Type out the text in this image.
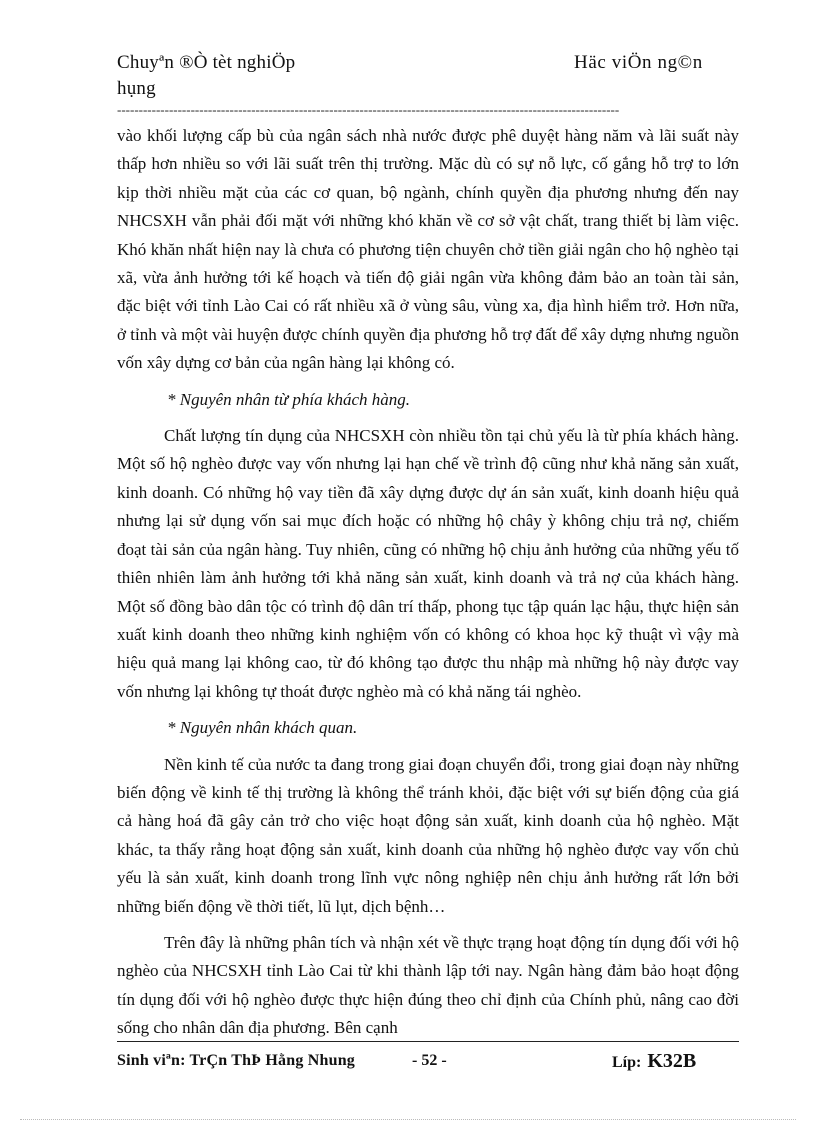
Chuyªn ®Ò tèt nghiÖp
hụng
Häc viÖn ng©n
--------------------------------------------------------------------------------------------------------------------

vào khối lượng cấp bù của ngân sách nhà nước được phê duyệt hàng năm và lãi suất này thấp hơn nhiều so với lãi suất trên thị trường. Mặc dù có sự nỗ lực, cố gắng hỗ trợ to lớn kịp thời nhiều mặt của các cơ quan, bộ ngành, chính quyền địa phương nhưng đến nay NHCSXH vẫn phải đối mặt với những khó khăn về cơ sở vật chất, trang thiết bị làm việc. Khó khăn nhất hiện nay là chưa có phương tiện chuyên chở tiền giải ngân cho hộ nghèo tại xã, vừa ảnh hưởng tới kế hoạch và tiến độ giải ngân vừa không đảm bảo an toàn tài sản, đặc biệt với tỉnh Lào Cai có rất nhiều xã ở vùng sâu, vùng xa, địa hình hiểm trở. Hơn nữa, ở tỉnh và một vài huyện được chính quyền địa phương hỗ trợ đất để xây dựng nhưng nguồn vốn xây dựng cơ bản của ngân hàng lại không có.

* Nguyên nhân từ phía khách hàng.

Chất lượng tín dụng của NHCSXH còn nhiều tồn tại chủ yếu là từ phía khách hàng. Một số hộ nghèo được vay vốn nhưng lại hạn chế về trình độ cũng như khả năng sản xuất, kinh doanh. Có những hộ vay tiền đã xây dựng được dự án sản xuất, kinh doanh hiệu quả nhưng lại sử dụng vốn sai mục đích hoặc có những hộ chây ỳ không chịu trả nợ, chiếm đoạt tài sản của ngân hàng. Tuy nhiên, cũng có những hộ chịu ảnh hưởng của những yếu tố thiên nhiên làm ảnh hưởng tới khả năng sản xuất, kinh doanh và trả nợ của khách hàng. Một số đồng bào dân tộc có trình độ dân trí thấp, phong tục tập quán lạc hậu, thực hiện sản xuất kinh doanh theo những kinh nghiệm vốn có không có khoa học kỹ thuật vì vậy mà hiệu quả mang lại không cao, từ đó không tạo được thu nhập mà những hộ này được vay vốn nhưng lại không tự thoát được nghèo mà có khả năng tái nghèo.

* Nguyên nhân khách quan.

Nền kinh tế của nước ta đang trong giai đoạn chuyển đổi, trong giai đoạn này những biến động về kinh tế thị trường là không thể tránh khỏi, đặc biệt với sự biến động của giá cả hàng hoá đã gây cản trở cho việc hoạt động sản xuất, kinh doanh của hộ nghèo. Mặt khác, ta thấy rằng hoạt động sản xuất, kinh doanh của những hộ nghèo được vay vốn chủ yếu là sản xuất, kinh doanh trong lĩnh vực nông nghiệp nên chịu ảnh hưởng rất lớn bởi những biến động về thời tiết, lũ lụt, dịch bệnh…

Trên đây là những phân tích và nhận xét về thực trạng hoạt động tín dụng đối với hộ nghèo của NHCSXH tỉnh Lào Cai từ khi thành lập tới nay. Ngân hàng đảm bảo hoạt động tín dụng đối với hộ nghèo được thực hiện đúng theo chỉ định của Chính phủ, nâng cao đời sống cho nhân dân địa phương. Bên cạnh

Sinh viªn: TrÇn ThÞ Hằng Nhung	- 52 -	Líp: K32B
